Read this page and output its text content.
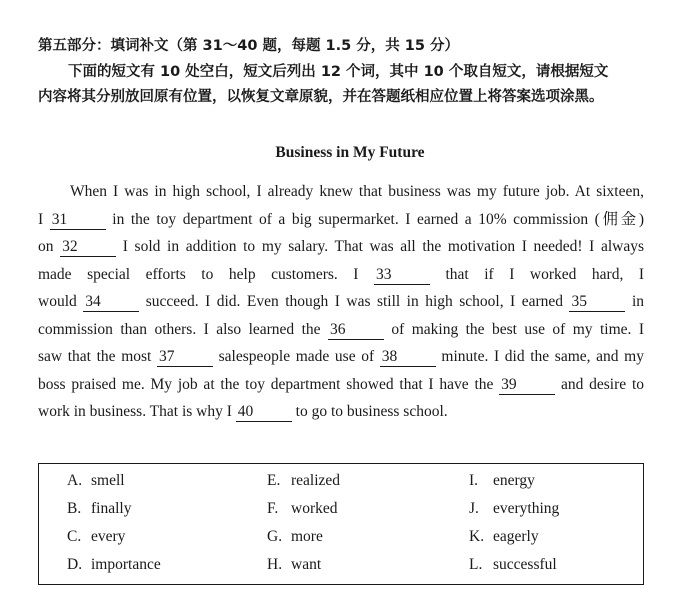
第五部分：填词补文（第 31～40 题，每题 1.5 分，共 15 分）
下面的短文有 10 处空白，短文后列出 12 个词，其中 10 个取自短文，请根据短文
内容将其分别放回原有位置，以恢复文章原貌，并在答题纸相应位置上将答案选项涂黑。
Business in My Future
When I was in high school, I already knew that business was my future job. At sixteen,
I 31 in the toy department of a big supermarket. I earned a 10% commission (佣金)
on 32 I sold in addition to my salary. That was all the motivation I needed! I always
made special efforts to help customers. I 33 that if I worked hard, I
would 34 succeed. I did. Even though I was still in high school, I earned 35 in
commission than others. I also learned the 36 of making the best use of my time. I
saw that the most 37 salespeople made use of 38 minute. I did the same, and my
boss praised me. My job at the toy department showed that I have the 39 and desire to
work in business. That is why I 40 to go to business school.
A. smell
B. finally
C. every
D. importance
E. realized
F. worked
G. more
H. want
I. energy
J. everything
K. eagerly
L. successful
